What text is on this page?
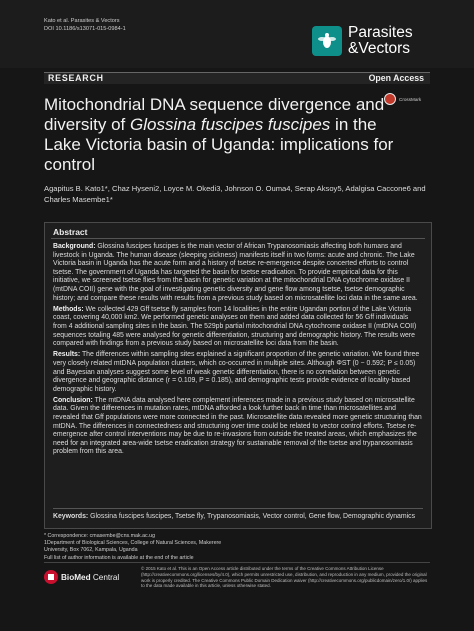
Kato et al. Parasites & Vectors
DOI 10.1186/s13071-015-0984-1	Parasites
&Vectors
RESEARCH	Open Access
CrossMark
Mitochondrial DNA sequence divergence and diversity of Glossina fuscipes fuscipes in the Lake Victoria basin of Uganda: implications for control
Agapitus B. Kato1*, Chaz Hyseni2, Loyce M. Okedi3, Johnson O. Ouma4, Serap Aksoy5, Adalgisa Caccone6 and Charles Masembe1*
Abstract

Background: Glossina fuscipes fuscipes is the main vector of African Trypanosomiasis affecting both humans and livestock in Uganda. The human disease (sleeping sickness) manifests itself in two forms: acute and chronic. The Lake Victoria basin in Uganda has the acute form and a history of tsetse re-emergence despite concerted efforts to control tsetse. The government of Uganda has targeted the basin for tsetse eradication. To provide empirical data for this initiative, we screened tsetse flies from the basin for genetic variation at the mitochondrial DNA cytochrome oxidase II (mtDNA COII) gene with the goal of investigating genetic diversity and gene flow among tsetse, tsetse demographic history; and compare these results with results from a previous study based on microsatellite loci data in the same area.

Methods: We collected 429 Gff tsetse fly samples from 14 localities in the entire Ugandan portion of the Lake Victoria coast, covering 40,000 km2. We performed genetic analyses on them and added data collected for 56 Gff individuals from 4 additional sampling sites in the basin. The 529pb partial mitochondrial DNA cytochrome oxidase II (mtDNA COII) sequences totaling 485 were analysed for genetic differentiation, structuring and demographic history. The results were compared with findings from a previous study based on microsatellite loci data from the basin.

Results: The differences within sampling sites explained a significant proportion of the genetic variation. We found three very closely related mtDNA population clusters, which co-occurred in multiple sites. Although ΦST (0 − 0.592; P ≤ 0.05) and Bayesian analyses suggest some level of weak genetic differentiation, there is no correlation between genetic divergence and geographic distance (r = 0.109, P = 0.185), and demographic tests provide evidence of locality-based demographic history.

Conclusion: The mtDNA data analysed here complement inferences made in a previous study based on microsatellite data. Given the differences in mutation rates, mtDNA afforded a look further back in time than microsatellites and revealed that Gff populations were more connected in the past. Microsatellite data revealed more genetic structuring than mtDNA. The differences in connectedness and structuring over time could be related to vector control efforts. Tsetse re-emergence after control interventions may be due to re-invasions from outside the treated areas, which emphasizes the need for an integrated area-wide tsetse eradication strategy for sustainable removal of the tsetse and trypanosomiasis problem from this area.

Keywords: Glossina fuscipes fuscipes, Tsetse fly, Trypanosomiasis, Vector control, Gene flow, Demographic dynamics
* Correspondence: cmasembe@cns.mak.ac.ug
1Department of Biological Sciences, College of Natural Sciences, Makerere
University, Box 7062, Kampala, Uganda
Full list of author information is available at the end of the article
BioMed Central
© 2015 Kato et al. This is an Open Access article distributed under the terms of the Creative Commons Attribution License (http://creativecommons.org/licenses/by/4.0), which permits unrestricted use, distribution, and reproduction in any medium, provided the original work is properly credited. The Creative Commons Public Domain Dedication waiver (http://creativecommons.org/publicdomain/zero/1.0/) applies to the data made available in this article, unless otherwise stated.
